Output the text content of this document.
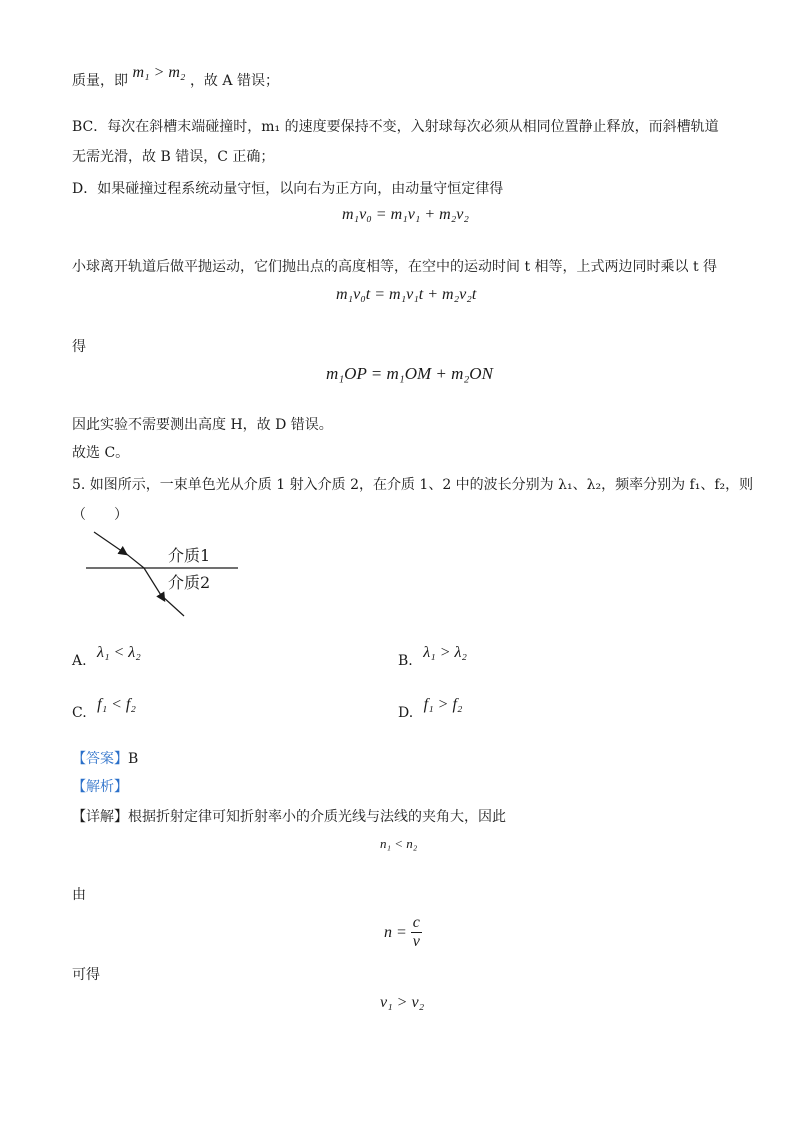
质量，即 m₁ > m₂ ，故 A 错误；
BC．每次在斜槽末端碰撞时，m₁ 的速度要保持不变，入射球每次必须从相同位置静止释放，而斜槽轨道
无需光滑，故 B 错误，C 正确；
D．如果碰撞过程系统动量守恒，以向右为正方向，由动量守恒定律得
m₁v₀ = m₁v₁ + m₂v₂
小球离开轨道后做平抛运动，它们抛出点的高度相等，在空中的运动时间 t 相等，上式两边同时乘以 t 得
m₁v₀t = m₁v₁t + m₂v₂t
得
m₁OP = m₁OM + m₂ON
因此实验不需要测出高度 H，故 D 错误。
故选 C。
5. 如图所示，一束单色光从介质 1 射入介质 2，在介质 1、2 中的波长分别为 λ₁、λ₂，频率分别为 f₁、f₂，则
（　　）
介质1
介质2
A. λ₁ < λ₂	B. λ₁ > λ₂
C. f₁ < f₂	D. f₁ > f₂
【答案】B
【解析】
【详解】根据折射定律可知折射率小的介质光线与法线的夹角大，因此
n₁ < n₂
由
$n = \frac{c}{v}$
可得
v₁ > v₂
